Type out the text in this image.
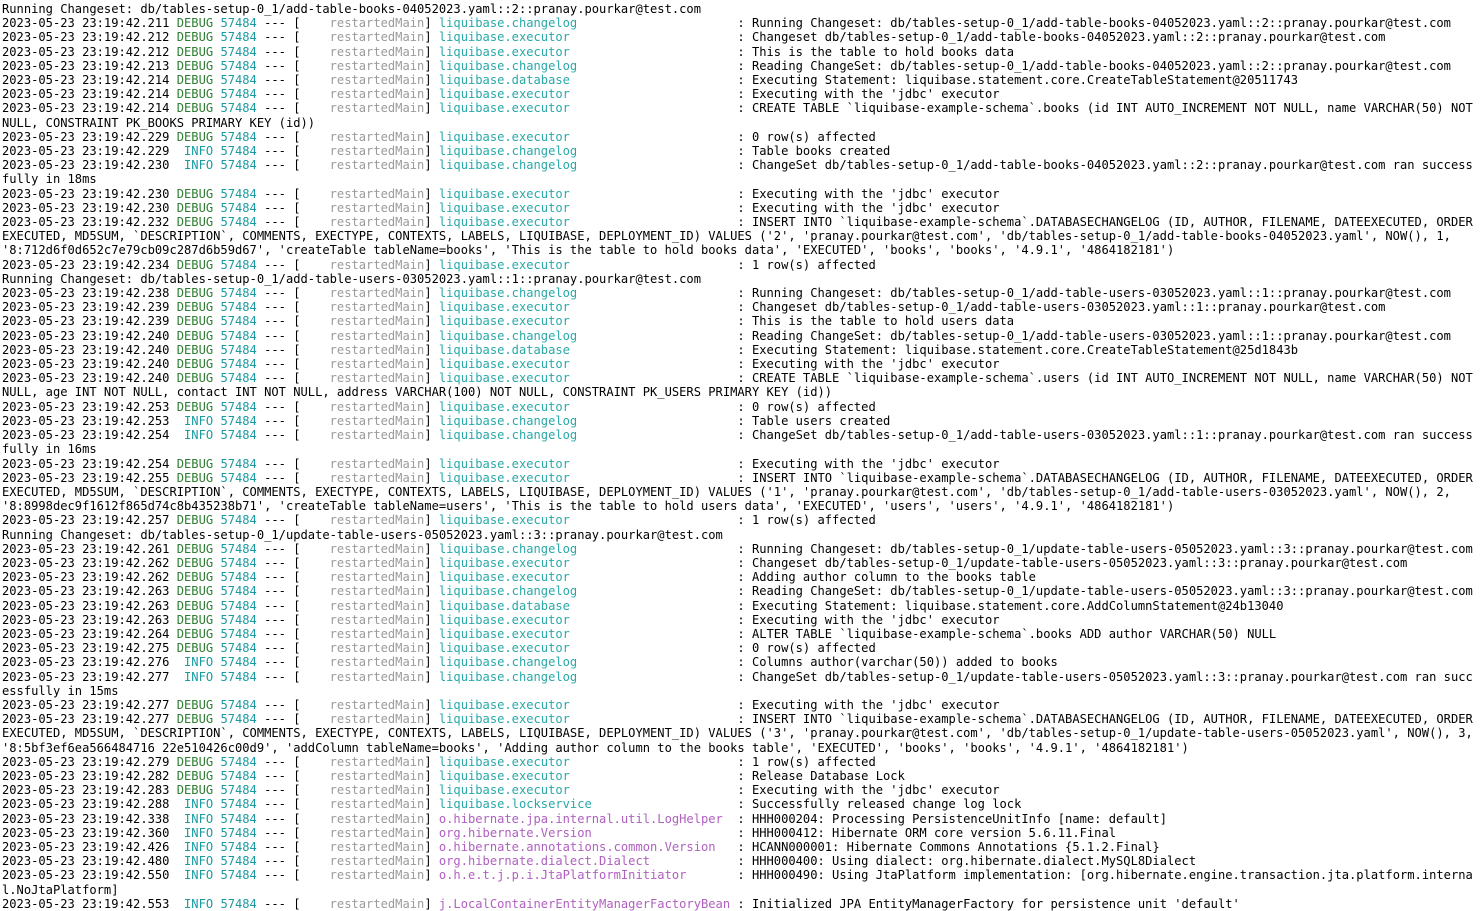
Running Changeset: db/tables-setup-0_1/add-table-books-04052023.yaml::2::pranay.pourkar@test.com
2023-05-23 23:19:42.211 DEBUG 57484 --- [    restartedMain] liquibase.changelog                      : Running Changeset: db/tables-setup-0_1/add-table-books-04052023.yaml::2::pranay.pourkar@test.com
2023-05-23 23:19:42.212 DEBUG 57484 --- [    restartedMain] liquibase.executor                       : Changeset db/tables-setup-0_1/add-table-books-04052023.yaml::2::pranay.pourkar@test.com
2023-05-23 23:19:42.212 DEBUG 57484 --- [    restartedMain] liquibase.executor                       : This is the table to hold books data
2023-05-23 23:19:42.213 DEBUG 57484 --- [    restartedMain] liquibase.changelog                      : Reading ChangeSet: db/tables-setup-0_1/add-table-books-04052023.yaml::2::pranay.pourkar@test.com
2023-05-23 23:19:42.214 DEBUG 57484 --- [    restartedMain] liquibase.database                       : Executing Statement: liquibase.statement.core.CreateTableStatement@20511743
2023-05-23 23:19:42.214 DEBUG 57484 --- [    restartedMain] liquibase.executor                       : Executing with the 'jdbc' executor
2023-05-23 23:19:42.214 DEBUG 57484 --- [    restartedMain] liquibase.executor                       : CREATE TABLE `liquibase-example-schema`.books (id INT AUTO_INCREMENT NOT NULL, name VARCHAR(50) NOT NULL, CONSTRAINT PK_BOOKS PRIMARY KEY (id))
2023-05-23 23:19:42.229 DEBUG 57484 --- [    restartedMain] liquibase.executor                       : 0 row(s) affected
2023-05-23 23:19:42.229  INFO 57484 --- [    restartedMain] liquibase.changelog                      : Table books created
2023-05-23 23:19:42.230  INFO 57484 --- [    restartedMain] liquibase.changelog                      : ChangeSet db/tables-setup-0_1/add-table-books-04052023.yaml::2::pranay.pourkar@test.com ran successfully in 18ms
2023-05-23 23:19:42.230 DEBUG 57484 --- [    restartedMain] liquibase.executor                       : Executing with the 'jdbc' executor
2023-05-23 23:19:42.230 DEBUG 57484 --- [    restartedMain] liquibase.executor                       : Executing with the 'jdbc' executor
2023-05-23 23:19:42.232 DEBUG 57484 --- [    restartedMain] liquibase.executor                       : INSERT INTO `liquibase-example-schema`.DATABASECHANGELOG (ID, AUTHOR, FILENAME, DATEEXECUTED, ORDEREXECUTED, MD5SUM, `DESCRIPTION`, COMMENTS, EXECTYPE, CONTEXTS, LABELS, LIQUIBASE, DEPLOYMENT_ID) VALUES ('2', 'pranay.pourkar@test.com', 'db/tables-setup-0_1/add-table-books-04052023.yaml', NOW(), 1, '8:712d6f0d652c7e79cb09c287d6b59d67', 'createTable tableName=books', 'This is the table to hold books data', 'EXECUTED', 'books', 'books', '4.9.1', '4864182181')
2023-05-23 23:19:42.234 DEBUG 57484 --- [    restartedMain] liquibase.executor                       : 1 row(s) affected
Running Changeset: db/tables-setup-0_1/add-table-users-03052023.yaml::1::pranay.pourkar@test.com
2023-05-23 23:19:42.238 DEBUG 57484 --- [    restartedMain] liquibase.changelog                      : Running Changeset: db/tables-setup-0_1/add-table-users-03052023.yaml::1::pranay.pourkar@test.com
2023-05-23 23:19:42.239 DEBUG 57484 --- [    restartedMain] liquibase.executor                       : Changeset db/tables-setup-0_1/add-table-users-03052023.yaml::1::pranay.pourkar@test.com
2023-05-23 23:19:42.239 DEBUG 57484 --- [    restartedMain] liquibase.executor                       : This is the table to hold users data
2023-05-23 23:19:42.240 DEBUG 57484 --- [    restartedMain] liquibase.changelog                      : Reading ChangeSet: db/tables-setup-0_1/add-table-users-03052023.yaml::1::pranay.pourkar@test.com
2023-05-23 23:19:42.240 DEBUG 57484 --- [    restartedMain] liquibase.database                       : Executing Statement: liquibase.statement.core.CreateTableStatement@25d1843b
2023-05-23 23:19:42.240 DEBUG 57484 --- [    restartedMain] liquibase.executor                       : Executing with the 'jdbc' executor
2023-05-23 23:19:42.240 DEBUG 57484 --- [    restartedMain] liquibase.executor                       : CREATE TABLE `liquibase-example-schema`.users (id INT AUTO_INCREMENT NOT NULL, name VARCHAR(50) NOT NULL, age INT NOT NULL, contact INT NOT NULL, address VARCHAR(100) NOT NULL, CONSTRAINT PK_USERS PRIMARY KEY (id))
2023-05-23 23:19:42.253 DEBUG 57484 --- [    restartedMain] liquibase.executor                       : 0 row(s) affected
2023-05-23 23:19:42.253  INFO 57484 --- [    restartedMain] liquibase.changelog                      : Table users created
2023-05-23 23:19:42.254  INFO 57484 --- [    restartedMain] liquibase.changelog                      : ChangeSet db/tables-setup-0_1/add-table-users-03052023.yaml::1::pranay.pourkar@test.com ran successfully in 16ms
2023-05-23 23:19:42.254 DEBUG 57484 --- [    restartedMain] liquibase.executor                       : Executing with the 'jdbc' executor
2023-05-23 23:19:42.255 DEBUG 57484 --- [    restartedMain] liquibase.executor                       : INSERT INTO `liquibase-example-schema`.DATABASECHANGELOG (ID, AUTHOR, FILENAME, DATEEXECUTED, ORDEREXECUTED, MD5SUM, `DESCRIPTION`, COMMENTS, EXECTYPE, CONTEXTS, LABELS, LIQUIBASE, DEPLOYMENT_ID) VALUES ('1', 'pranay.pourkar@test.com', 'db/tables-setup-0_1/add-table-users-03052023.yaml', NOW(), 2, '8:8998dec9f1612f865d74c8b435238b71', 'createTable tableName=users', 'This is the table to hold users data', 'EXECUTED', 'users', 'users', '4.9.1', '4864182181')
2023-05-23 23:19:42.257 DEBUG 57484 --- [    restartedMain] liquibase.executor                       : 1 row(s) affected
Running Changeset: db/tables-setup-0_1/update-table-users-05052023.yaml::3::pranay.pourkar@test.com
2023-05-23 23:19:42.261 DEBUG 57484 --- [    restartedMain] liquibase.changelog                      : Running Changeset: db/tables-setup-0_1/update-table-users-05052023.yaml::3::pranay.pourkar@test.com
2023-05-23 23:19:42.262 DEBUG 57484 --- [    restartedMain] liquibase.executor                       : Changeset db/tables-setup-0_1/update-table-users-05052023.yaml::3::pranay.pourkar@test.com
2023-05-23 23:19:42.262 DEBUG 57484 --- [    restartedMain] liquibase.executor                       : Adding author column to the books table
2023-05-23 23:19:42.263 DEBUG 57484 --- [    restartedMain] liquibase.changelog                      : Reading ChangeSet: db/tables-setup-0_1/update-table-users-05052023.yaml::3::pranay.pourkar@test.com
2023-05-23 23:19:42.263 DEBUG 57484 --- [    restartedMain] liquibase.database                       : Executing Statement: liquibase.statement.core.AddColumnStatement@24b13040
2023-05-23 23:19:42.263 DEBUG 57484 --- [    restartedMain] liquibase.executor                       : Executing with the 'jdbc' executor
2023-05-23 23:19:42.264 DEBUG 57484 --- [    restartedMain] liquibase.executor                       : ALTER TABLE `liquibase-example-schema`.books ADD author VARCHAR(50) NULL
2023-05-23 23:19:42.275 DEBUG 57484 --- [    restartedMain] liquibase.executor                       : 0 row(s) affected
2023-05-23 23:19:42.276  INFO 57484 --- [    restartedMain] liquibase.changelog                      : Columns author(varchar(50)) added to books
2023-05-23 23:19:42.277  INFO 57484 --- [    restartedMain] liquibase.changelog                      : ChangeSet db/tables-setup-0_1/update-table-users-05052023.yaml::3::pranay.pourkar@test.com ran successfully in 15ms
2023-05-23 23:19:42.277 DEBUG 57484 --- [    restartedMain] liquibase.executor                       : Executing with the 'jdbc' executor
2023-05-23 23:19:42.277 DEBUG 57484 --- [    restartedMain] liquibase.executor                       : INSERT INTO `liquibase-example-schema`.DATABASECHANGELOG (ID, AUTHOR, FILENAME, DATEEXECUTED, ORDEREXECUTED, MD5SUM, `DESCRIPTION`, COMMENTS, EXECTYPE, CONTEXTS, LABELS, LIQUIBASE, DEPLOYMENT_ID) VALUES ('3', 'pranay.pourkar@test.com', 'db/tables-setup-0_1/update-table-users-05052023.yaml', NOW(), 3, '8:5bf3ef6ea566484716 22e510426c00d9', 'addColumn tableName=books', 'Adding author column to the books table', 'EXECUTED', 'books', 'books', '4.9.1', '4864182181')
2023-05-23 23:19:42.279 DEBUG 57484 --- [    restartedMain] liquibase.executor                       : 1 row(s) affected
2023-05-23 23:19:42.282 DEBUG 57484 --- [    restartedMain] liquibase.executor                       : Release Database Lock
2023-05-23 23:19:42.283 DEBUG 57484 --- [    restartedMain] liquibase.executor                       : Executing with the 'jdbc' executor
2023-05-23 23:19:42.288  INFO 57484 --- [    restartedMain] liquibase.lockservice                    : Successfully released change log lock
2023-05-23 23:19:42.338  INFO 57484 --- [    restartedMain] o.hibernate.jpa.internal.util.LogHelper  : HHH000204: Processing PersistenceUnitInfo [name: default]
2023-05-23 23:19:42.360  INFO 57484 --- [    restartedMain] org.hibernate.Version                    : HHH000412: Hibernate ORM core version 5.6.11.Final
2023-05-23 23:19:42.426  INFO 57484 --- [    restartedMain] o.hibernate.annotations.common.Version   : HCANN000001: Hibernate Commons Annotations {5.1.2.Final}
2023-05-23 23:19:42.480  INFO 57484 --- [    restartedMain] org.hibernate.dialect.Dialect            : HHH000400: Using dialect: org.hibernate.dialect.MySQL8Dialect
2023-05-23 23:19:42.550  INFO 57484 --- [    restartedMain] o.h.e.t.j.p.i.JtaPlatformInitiator       : HHH000490: Using JtaPlatform implementation: [org.hibernate.engine.transaction.jta.platform.internal.NoJtaPlatform]
2023-05-23 23:19:42.553  INFO 57484 --- [    restartedMain] j.LocalContainerEntityManagerFactoryBean : Initialized JPA EntityManagerFactory for persistence unit 'default'
